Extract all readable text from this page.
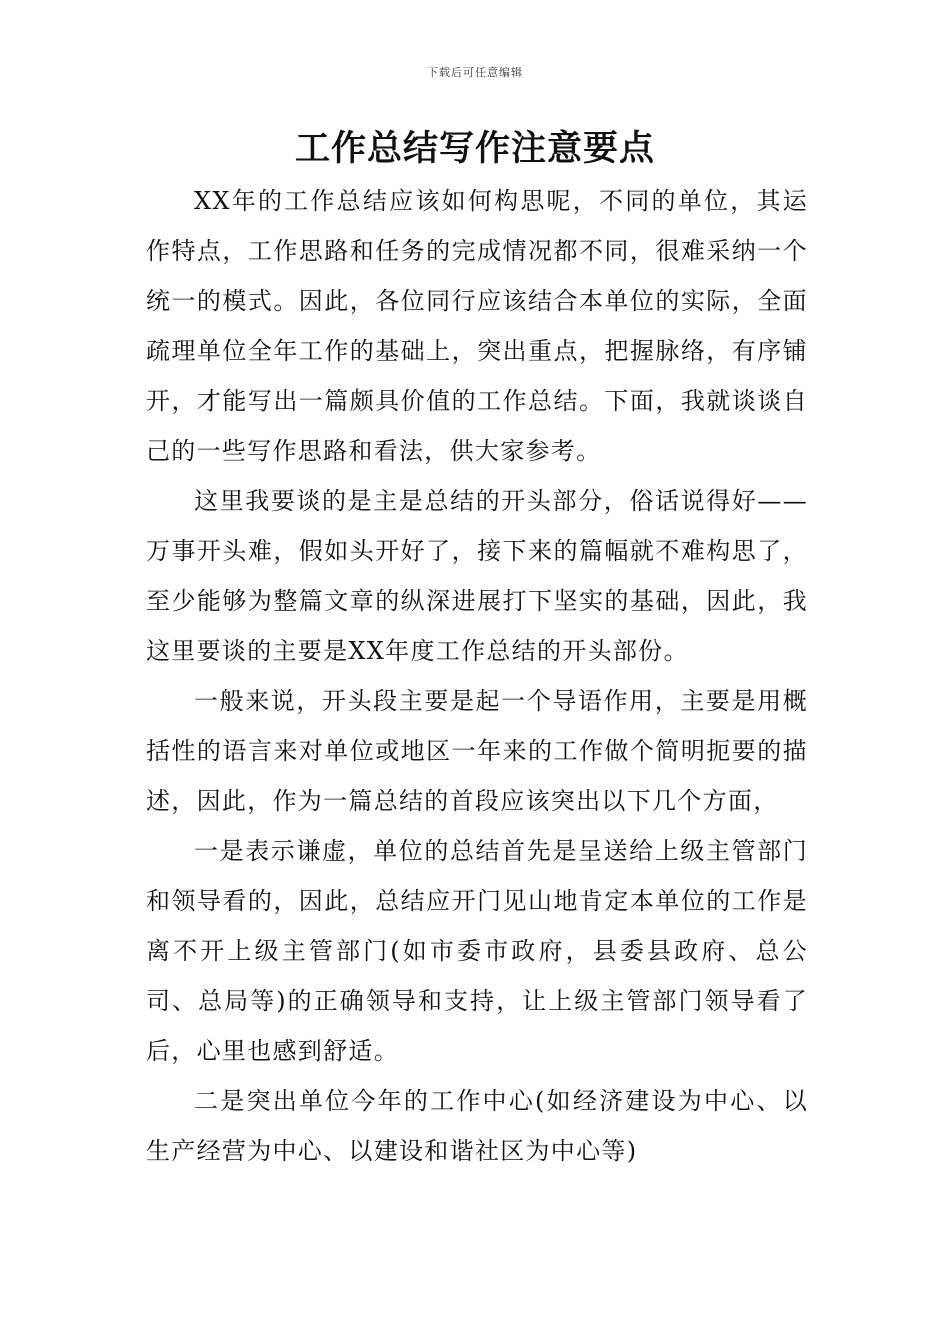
下载后可任意编辑
工作总结写作注意要点

XX年的工作总结应该如何构思呢，不同的单位，其运作特点，工作思路和任务的完成情况都不同，很难采纳一个统一的模式。因此，各位同行应该结合本单位的实际，全面疏理单位全年工作的基础上，突出重点，把握脉络，有序铺开，才能写出一篇颇具价值的工作总结。下面，我就谈谈自己的一些写作思路和看法，供大家参考。

这里我要谈的是主是总结的开头部分，俗话说得好——万事开头难，假如头开好了，接下来的篇幅就不难构思了，至少能够为整篇文章的纵深进展打下坚实的基础，因此，我这里要谈的主要是XX年度工作总结的开头部份。

一般来说，开头段主要是起一个导语作用，主要是用概括性的语言来对单位或地区一年来的工作做个简明扼要的描述，因此，作为一篇总结的首段应该突出以下几个方面，

一是表示谦虚，单位的总结首先是呈送给上级主管部门和领导看的，因此，总结应开门见山地肯定本单位的工作是离不开上级主管部门(如市委市政府，县委县政府、总公司、总局等)的正确领导和支持，让上级主管部门领导看了后，心里也感到舒适。

二是突出单位今年的工作中心(如经济建设为中心、以生产经营为中心、以建设和谐社区为中心等)
